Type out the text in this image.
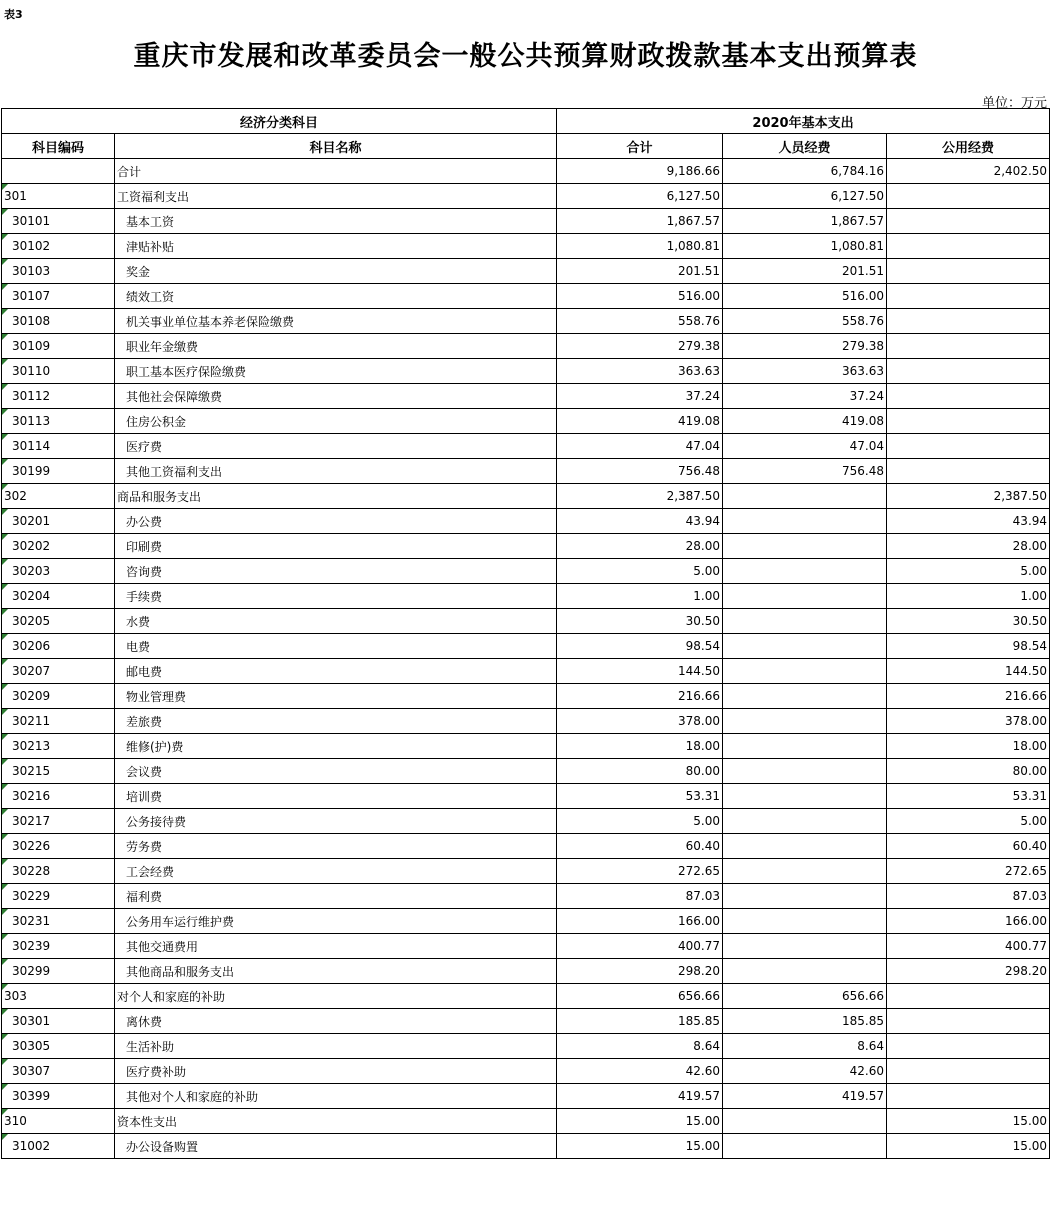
表3
重庆市发展和改革委员会一般公共预算财政拨款基本支出预算表
单位：万元
经济分类科目		2020年基本支出		
科目编码	科目名称	合计	人员经费	公用经费
	合计	9,186.66	6,784.16	2,402.50
301	工资福利支出	6,127.50	6,127.50	
30101	基本工资	1,867.57	1,867.57	
30102	津贴补贴	1,080.81	1,080.81	
30103	奖金	201.51	201.51	
30107	绩效工资	516.00	516.00	
30108	机关事业单位基本养老保险缴费	558.76	558.76	
30109	职业年金缴费	279.38	279.38	
30110	职工基本医疗保险缴费	363.63	363.63	
30112	其他社会保障缴费	37.24	37.24	
30113	住房公积金	419.08	419.08	
30114	医疗费	47.04	47.04	
30199	其他工资福利支出	756.48	756.48	
302	商品和服务支出	2,387.50		2,387.50
30201	办公费	43.94		43.94
30202	印刷费	28.00		28.00
30203	咨询费	5.00		5.00
30204	手续费	1.00		1.00
30205	水费	30.50		30.50
30206	电费	98.54		98.54
30207	邮电费	144.50		144.50
30209	物业管理费	216.66		216.66
30211	差旅费	378.00		378.00
30213	维修(护)费	18.00		18.00
30215	会议费	80.00		80.00
30216	培训费	53.31		53.31
30217	公务接待费	5.00		5.00
30226	劳务费	60.40		60.40
30228	工会经费	272.65		272.65
30229	福利费	87.03		87.03
30231	公务用车运行维护费	166.00		166.00
30239	其他交通费用	400.77		400.77
30299	其他商品和服务支出	298.20		298.20
303	对个人和家庭的补助	656.66	656.66	
30301	离休费	185.85	185.85	
30305	生活补助	8.64	8.64	
30307	医疗费补助	42.60	42.60	
30399	其他对个人和家庭的补助	419.57	419.57	
310	资本性支出	15.00		15.00
31002	办公设备购置	15.00		15.00
